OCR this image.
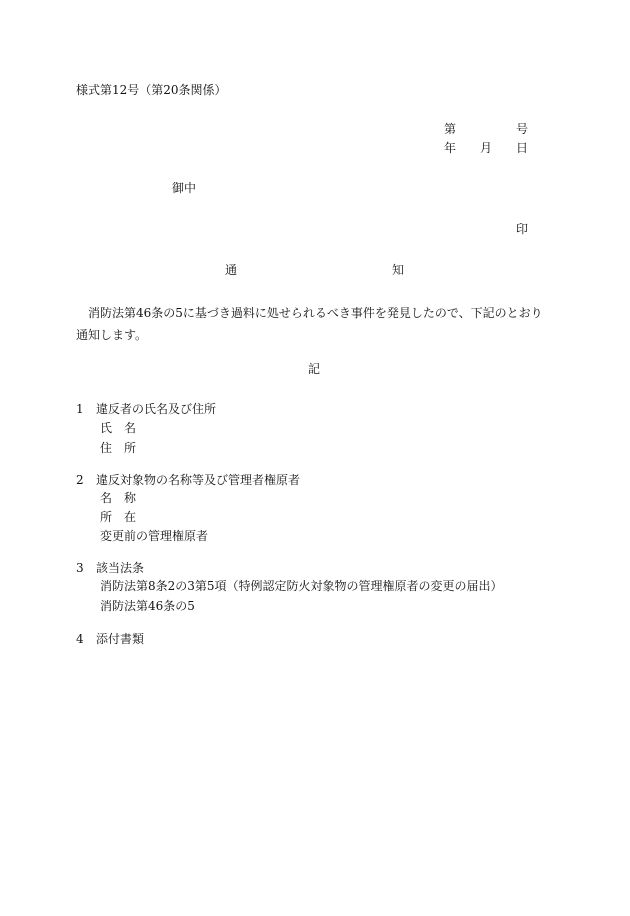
様式第12号（第20条関係）
第	号
年 月 日
御中
印
通	知
消防法第46条の5に基づき過料に処せられるべき事件を発見したので、下記のとおり通知します。
記
1 違反者の氏名及び住所
氏　名
住　所
2 違反対象物の名称等及び管理者権原者
名　称
所　在
変更前の管理権原者
3 該当法条
消防法第8条2の3第5項（特例認定防火対象物の管理権原者の変更の届出）
消防法第46条の5
4 添付書類
